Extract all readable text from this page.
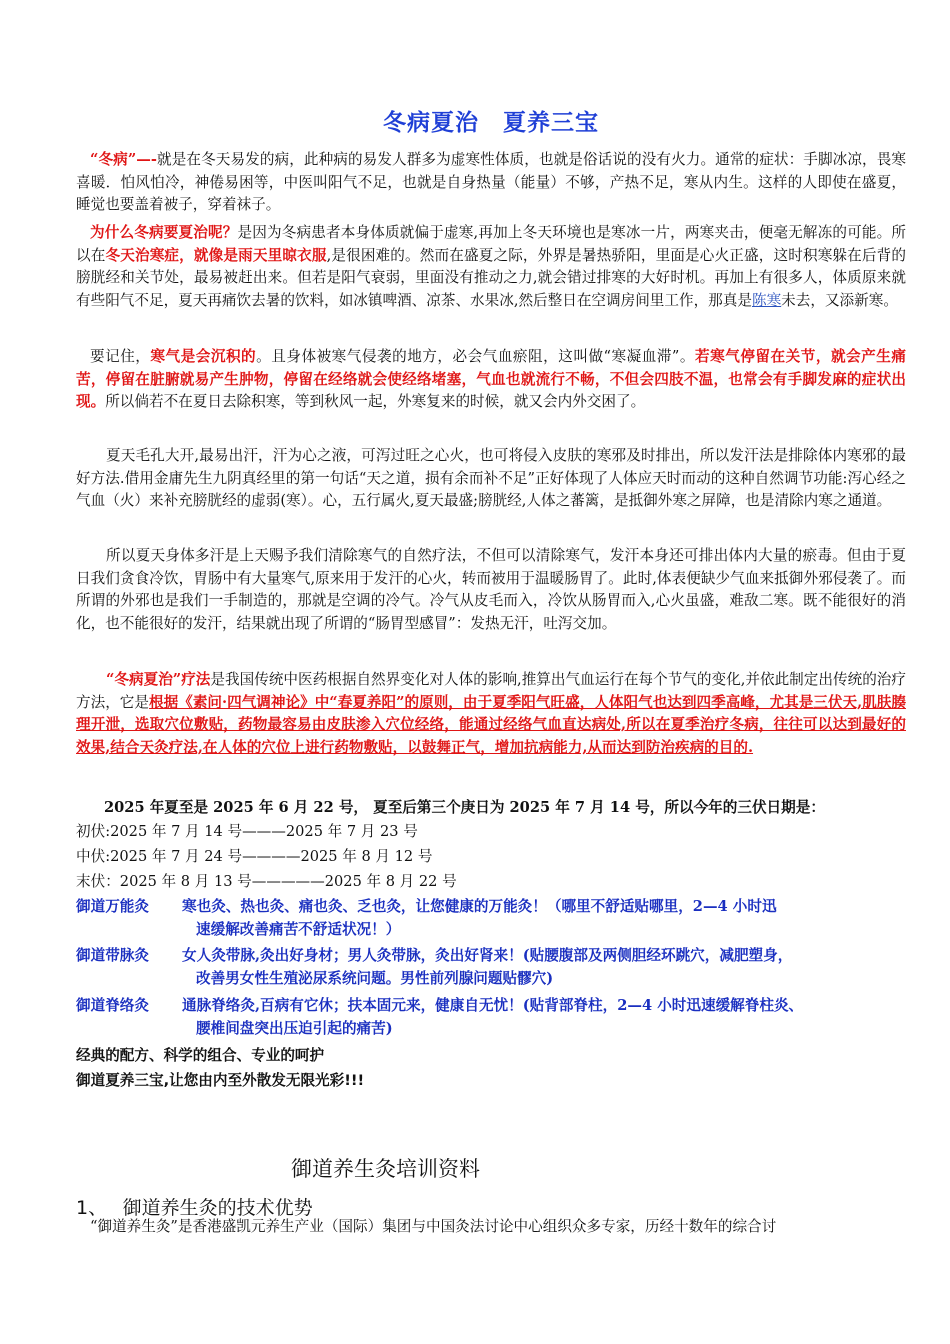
冬病夏治　夏养三宝
“冬病”—-就是在冬天易发的病，此种病的易发人群多为虚寒性体质，也就是俗话说的没有火力。通常的症状：手脚冰凉，畏寒喜暖．怕风怕冷，神倦易困等，中医叫阳气不足，也就是自身热量（能量）不够，产热不足，寒从内生。这样的人即使在盛夏，睡觉也要盖着被子，穿着袜子。
为什么冬病要夏治呢？是因为冬病患者本身体质就偏于虚寒,再加上冬天环境也是寒冰一片，两寒夹击，便毫无解冻的可能。所以在冬天治寒症，就像是雨天里晾衣服,是很困难的。然而在盛夏之际，外界是暑热骄阳，里面是心火正盛，这时积寒躲在后背的膀胱经和关节处，最易被赶出来。但若是阳气衰弱，里面没有推动之力,就会错过排寒的大好时机。再加上有很多人，体质原来就有些阳气不足，夏天再痛饮去暑的饮料，如冰镇啤酒、凉茶、水果冰,然后整日在空调房间里工作，那真是陈寒未去，又添新寒。
要记住，寒气是会沉积的。且身体被寒气侵袭的地方，必会气血瘀阻，这叫做“寒凝血滞”。若寒气停留在关节，就会产生痛苦，停留在脏腑就易产生肿物，停留在经络就会使经络堵塞，气血也就流行不畅，不但会四肢不温，也常会有手脚发麻的症状出现。所以倘若不在夏日去除积寒，等到秋风一起，外寒复来的时候，就又会内外交困了。
夏天毛孔大开,最易出汗，汗为心之液，可泻过旺之心火，也可将侵入皮肤的寒邪及时排出，所以发汗法是排除体内寒邪的最好方法.借用金庸先生九阴真经里的第一句话“天之道，损有余而补不足”正好体现了人体应天时而动的这种自然调节功能:泻心经之气血（火）来补充膀胱经的虚弱(寒）。心，五行属火,夏天最盛;膀胱经,人体之蕃篱，是抵御外寒之屏障，也是清除内寒之通道。
所以夏天身体多汗是上天赐予我们清除寒气的自然疗法，不但可以清除寒气，发汗本身还可排出体内大量的瘀毒。但由于夏日我们贪食冷饮，胃肠中有大量寒气,原来用于发汗的心火，转而被用于温暖肠胃了。此时,体表便缺少气血来抵御外邪侵袭了。而所谓的外邪也是我们一手制造的，那就是空调的冷气。冷气从皮毛而入，冷饮从肠胃而入,心火虽盛，难敌二寒。既不能很好的消化，也不能很好的发汗，结果就出现了所谓的“肠胃型感冒”：发热无汗，吐泻交加。
“冬病夏治”疗法是我国传统中医药根据自然界变化对人体的影响,推算出气血运行在每个节气的变化,并依此制定出传统的治疗方法，它是根据《素问·四气调神论》中“春夏养阳”的原则，由于夏季阳气旺盛，人体阳气也达到四季高峰，尤其是三伏天,肌肤腠理开泄，选取穴位敷贴，药物最容易由皮肤渗入穴位经络，能通过经络气血直达病处,所以在夏季治疗冬病，往往可以达到最好的效果,结合天灸疗法,在人体的穴位上进行药物敷贴，以鼓舞正气，增加抗病能力,从而达到防治疾病的目的.
2025 年夏至是 2025 年 6 月 22 号， 夏至后第三个庚日为 2025 年 7 月 14 号，所以今年的三伏日期是：
初伏:2025 年 7 月 14 号———2025 年 7 月 23 号
中伏:2025 年 7 月 24 号————2025 年 8 月 12 号
末伏：2025 年 8 月 13 号—————2025 年 8 月 22 号
御道万能灸 寒也灸、热也灸、痛也灸、乏也灸，让您健康的万能灸！（哪里不舒适贴哪里，2—4 小时迅
速缓解改善痛苦不舒适状况！）
御道带脉灸 女人灸带脉,灸出好身材；男人灸带脉，灸出好肾来！(贴腰腹部及两侧胆经环跳穴，减肥塑身，
改善男女性生殖泌尿系统问题。男性前列腺问题贴髎穴)
御道脊络灸 通脉脊络灸,百病有它休；扶本固元来，健康自无忧！(贴背部脊柱，2—4 小时迅速缓解脊柱炎、
腰椎间盘突出压迫引起的痛苦)
经典的配方、科学的组合、专业的呵护
御道夏养三宝,让您由内至外散发无限光彩!!!
御道养生灸培训资料
1、　 御道养生灸的技术优势
“御道养生灸”是香港盛凯元养生产业（国际）集团与中国灸法讨论中心组织众多专家，历经十数年的综合讨
